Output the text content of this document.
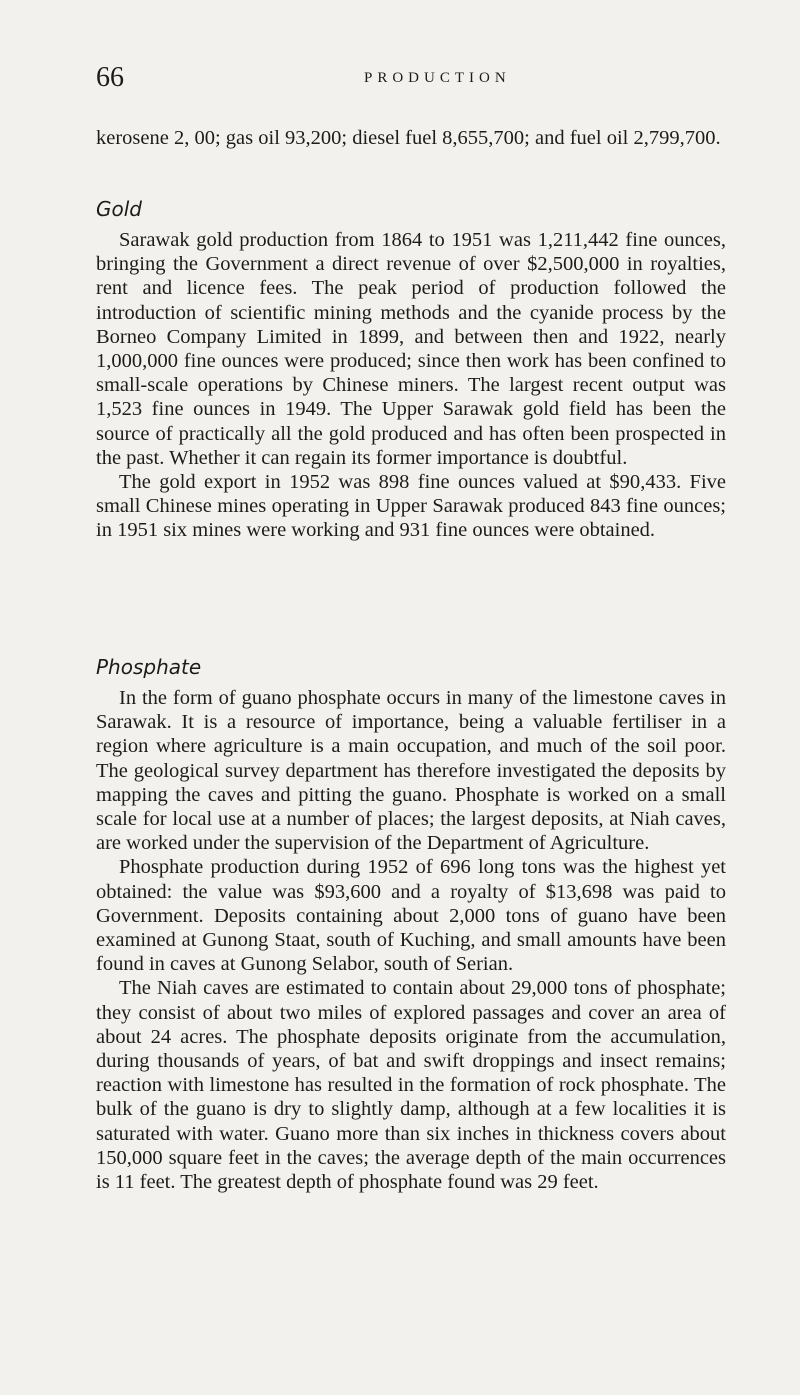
66	PRODUCTION

kerosene 2, 00; gas oil 93,200; diesel fuel 8,655,700; and fuel oil 2,799,700.

Gold

Sarawak gold production from 1864 to 1951 was 1,211,442 fine ounces, bringing the Government a direct revenue of over $2,500,000 in royalties, rent and licence fees. The peak period of production followed the introduction of scientific mining methods and the cyanide process by the Borneo Company Limited in 1899, and between then and 1922, nearly 1,000,000 fine ounces were produced; since then work has been confined to small-scale operations by Chinese miners. The largest recent output was 1,523 fine ounces in 1949. The Upper Sarawak gold field has been the source of practically all the gold produced and has often been prospected in the past. Whether it can regain its former importance is doubtful.

The gold export in 1952 was 898 fine ounces valued at $90,433. Five small Chinese mines operating in Upper Sarawak produced 843 fine ounces; in 1951 six mines were working and 931 fine ounces were obtained.

Phosphate

In the form of guano phosphate occurs in many of the limestone caves in Sarawak. It is a resource of importance, being a valuable fertiliser in a region where agriculture is a main occupation, and much of the soil poor. The geological survey department has therefore investigated the deposits by mapping the caves and pitting the guano. Phosphate is worked on a small scale for local use at a number of places; the largest deposits, at Niah caves, are worked under the supervision of the Department of Agriculture.

Phosphate production during 1952 of 696 long tons was the highest yet obtained: the value was $93,600 and a royalty of $13,698 was paid to Government. Deposits containing about 2,000 tons of guano have been examined at Gunong Staat, south of Kuching, and small amounts have been found in caves at Gunong Selabor, south of Serian.

The Niah caves are estimated to contain about 29,000 tons of phosphate; they consist of about two miles of explored passages and cover an area of about 24 acres. The phosphate deposits originate from the accumulation, during thousands of years, of bat and swift droppings and insect remains; reaction with limestone has resulted in the formation of rock phosphate. The bulk of the guano is dry to slightly damp, although at a few localities it is saturated with water. Guano more than six inches in thickness covers about 150,000 square feet in the caves; the average depth of the main occurrences is 11 feet. The greatest depth of phosphate found was 29 feet.
